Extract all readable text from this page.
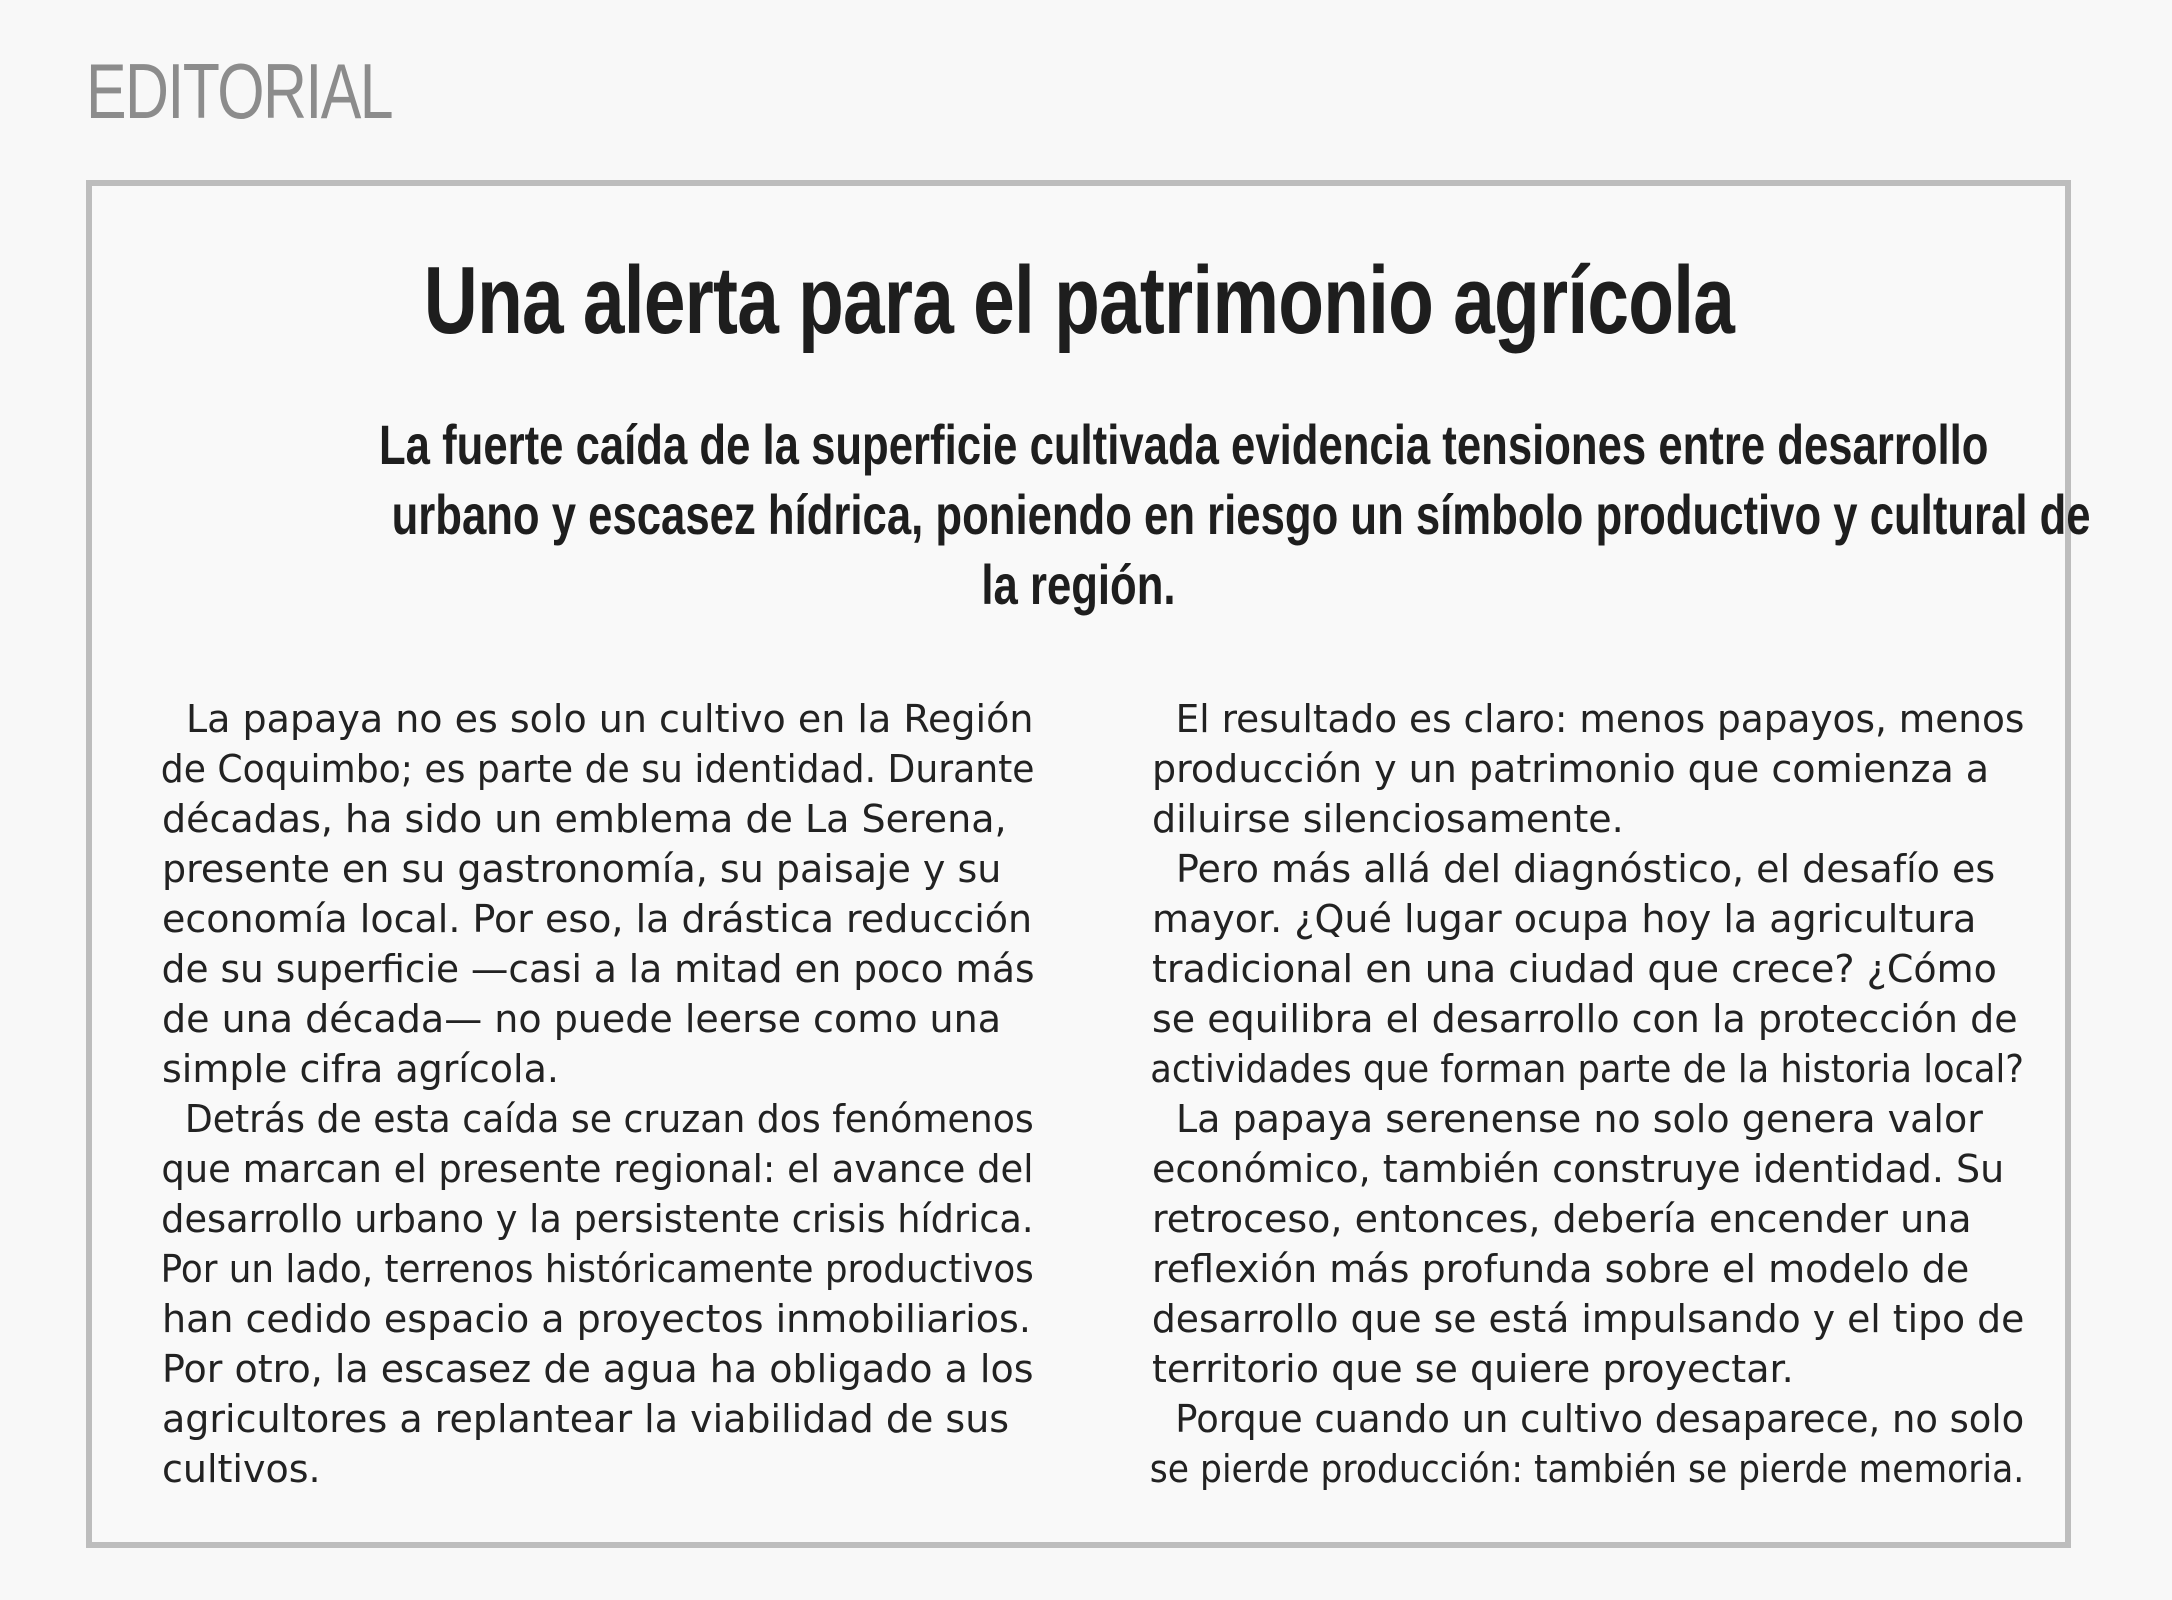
EDITORIAL
Una alerta para el patrimonio agrícola
La fuerte caída de la superficie cultivada evidencia tensiones entre desarrollo
urbano y escasez hídrica, poniendo en riesgo un símbolo productivo y cultural de
la región.

La papaya no es solo un cultivo en la Región
de Coquimbo; es parte de su identidad. Durante
décadas, ha sido un emblema de La Serena,
presente en su gastronomía, su paisaje y su
economía local. Por eso, la drástica reducción
de su superficie —casi a la mitad en poco más
de una década— no puede leerse como una
simple cifra agrícola.

Detrás de esta caída se cruzan dos fenómenos
que marcan el presente regional: el avance del
desarrollo urbano y la persistente crisis hídrica.
Por un lado, terrenos históricamente productivos
han cedido espacio a proyectos inmobiliarios.
Por otro, la escasez de agua ha obligado a los
agricultores a replantear la viabilidad de sus
cultivos.

El resultado es claro: menos papayos, menos
producción y un patrimonio que comienza a
diluirse silenciosamente.

Pero más allá del diagnóstico, el desafío es
mayor. ¿Qué lugar ocupa hoy la agricultura
tradicional en una ciudad que crece? ¿Cómo
se equilibra el desarrollo con la protección de
actividades que forman parte de la historia local?

La papaya serenense no solo genera valor
económico, también construye identidad. Su
retroceso, entonces, debería encender una
reflexión más profunda sobre el modelo de
desarrollo que se está impulsando y el tipo de
territorio que se quiere proyectar.

Porque cuando un cultivo desaparece, no solo
se pierde producción: también se pierde memoria.
